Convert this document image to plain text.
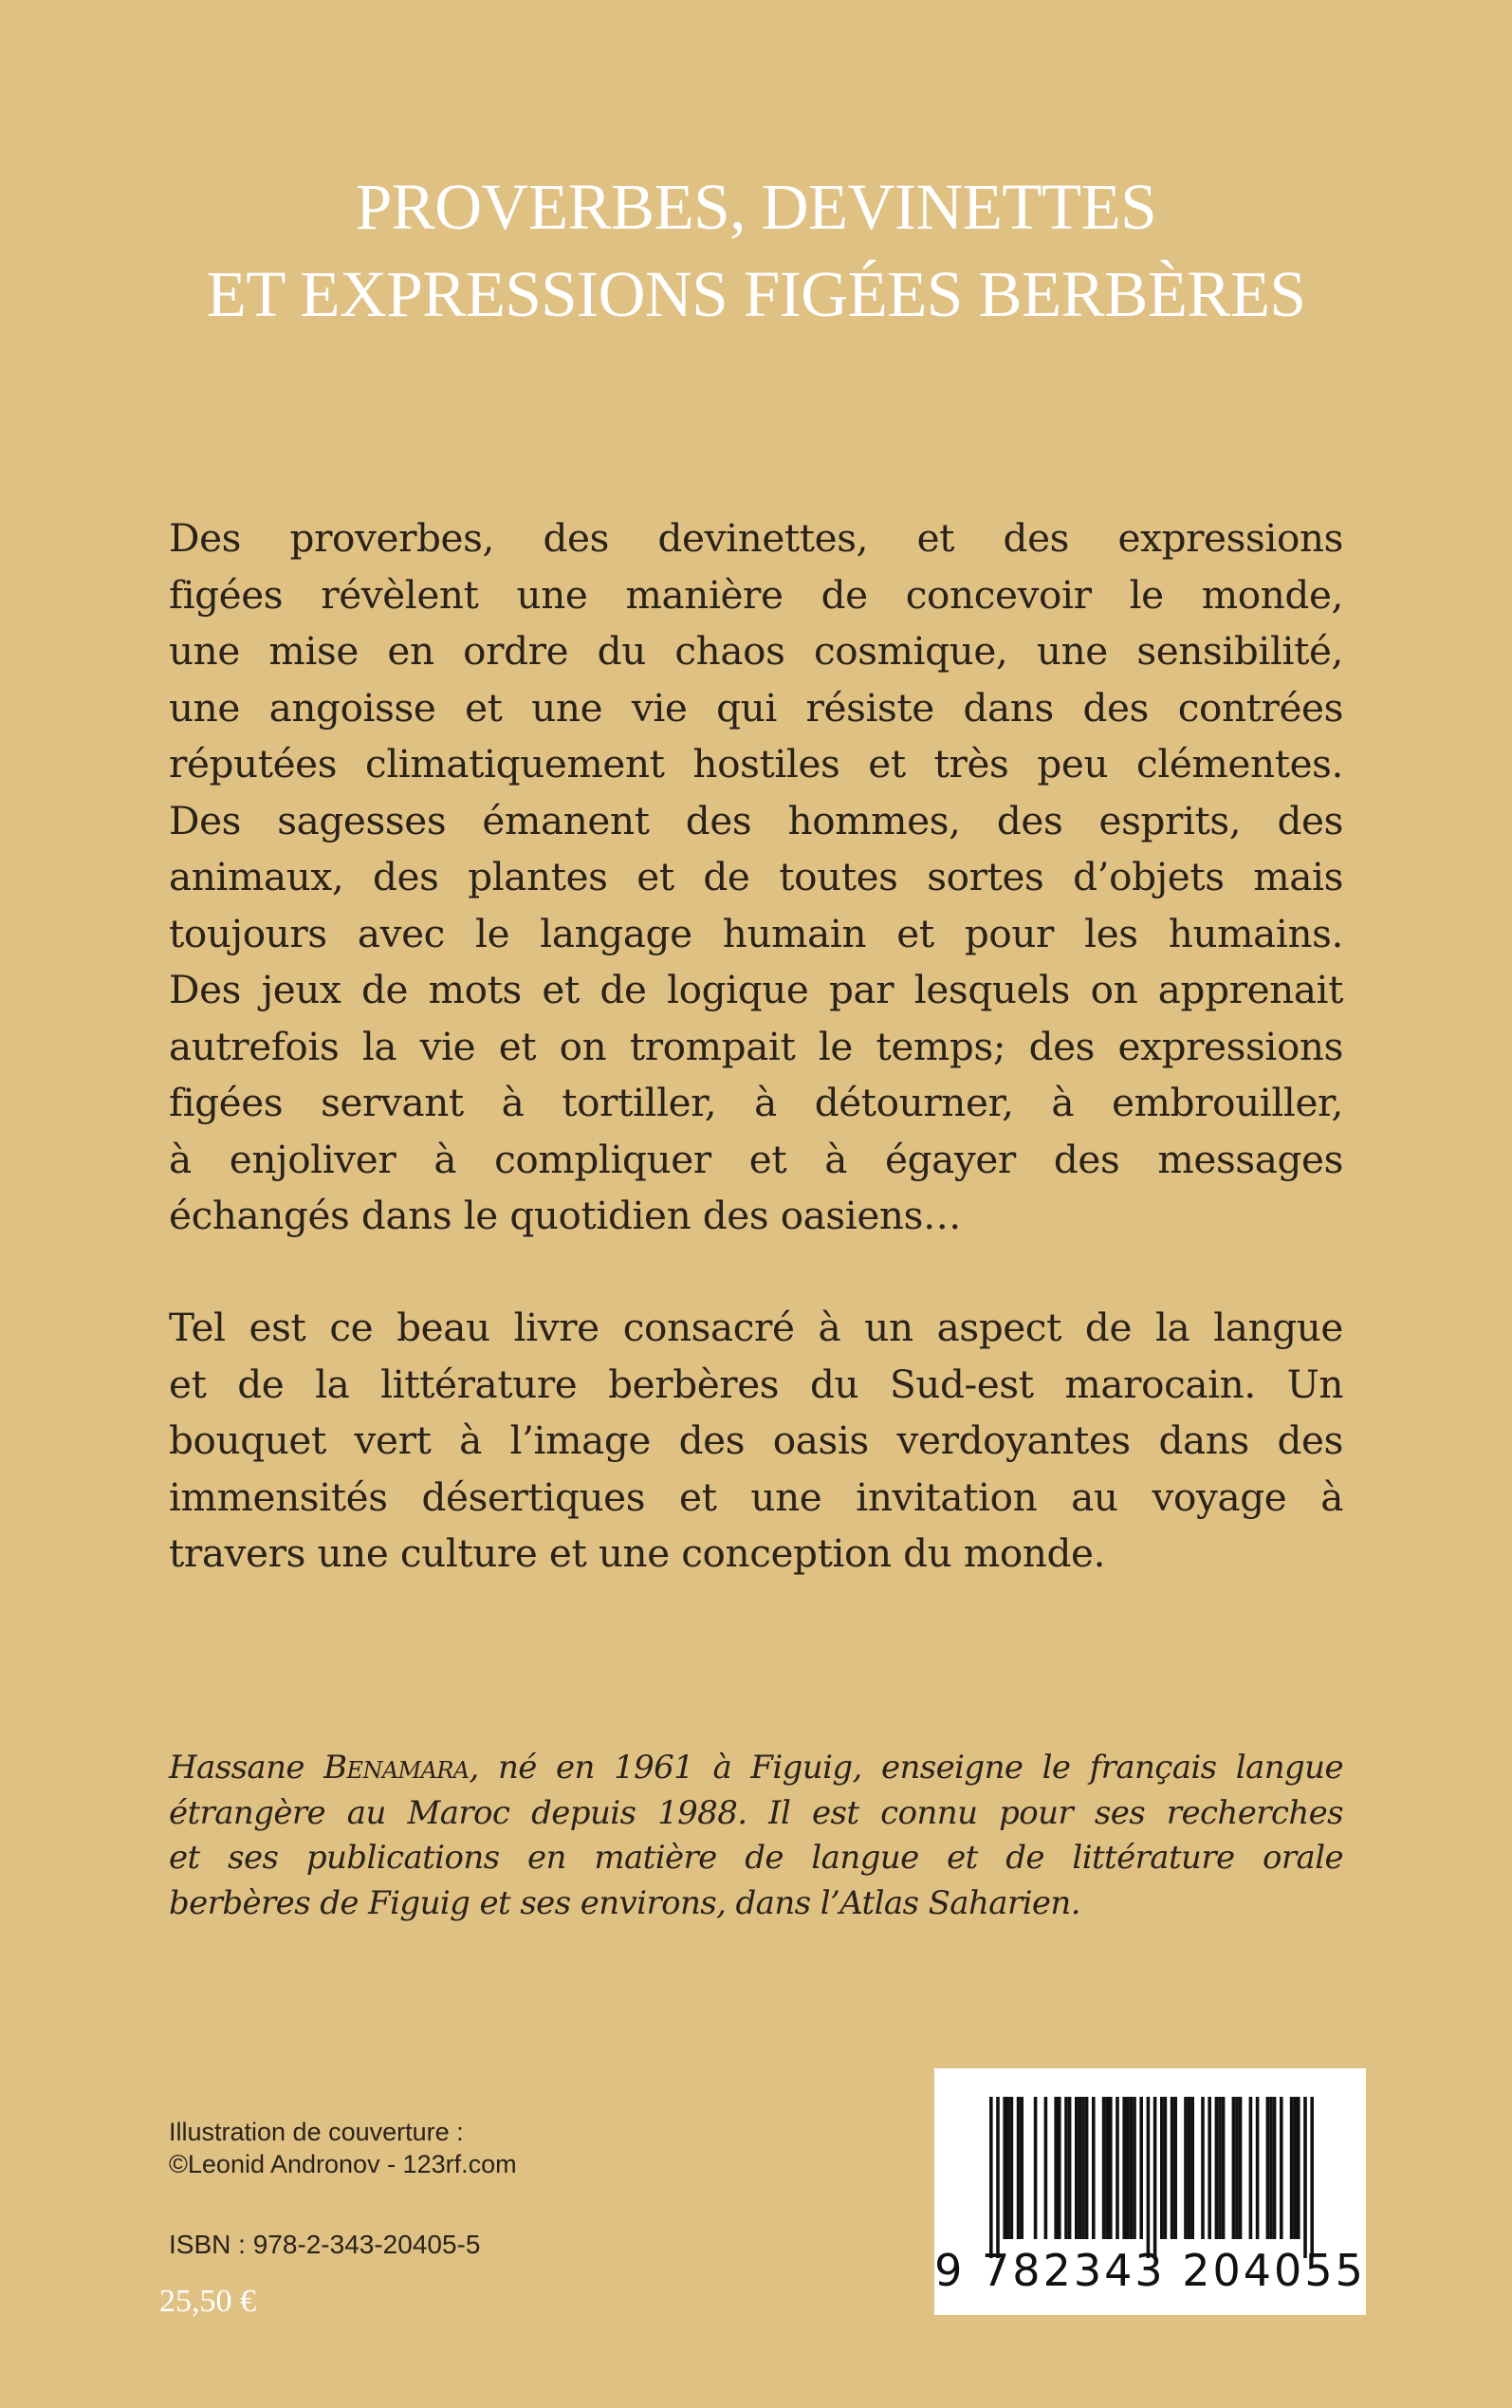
PROVERBES, DEVINETTES
ET EXPRESSIONS FIGÉES BERBÈRES
Des proverbes, des devinettes, et des expressions
figées révèlent une manière de concevoir le monde,
une mise en ordre du chaos cosmique, une sensibilité,
une angoisse et une vie qui résiste dans des contrées
réputées climatiquement hostiles et très peu clémentes.
Des sagesses émanent des hommes, des esprits, des
animaux, des plantes et de toutes sortes d’objets mais
toujours avec le langage humain et pour les humains.
Des jeux de mots et de logique par lesquels on apprenait
autrefois la vie et on trompait le temps; des expressions
figées servant à tortiller, à détourner, à embrouiller,
à enjoliver à compliquer et à égayer des messages
échangés dans le quotidien des oasiens…
Tel est ce beau livre consacré à un aspect de la langue
et de la littérature berbères du Sud-est marocain. Un
bouquet vert à l’image des oasis verdoyantes dans des
immensités désertiques et une invitation au voyage à
travers une culture et une conception du monde.
Hassane Benamara, né en 1961 à Figuig, enseigne le français langue
étrangère au Maroc depuis 1988. Il est connu pour ses recherches
et ses publications en matière de langue et de littérature orale
berbères de Figuig et ses environs, dans l’Atlas Saharien.
Illustration de couverture :
©Leonid Andronov - 123rf.com
ISBN : 978-2-343-20405-5
25,50 €
9 782343 204055
